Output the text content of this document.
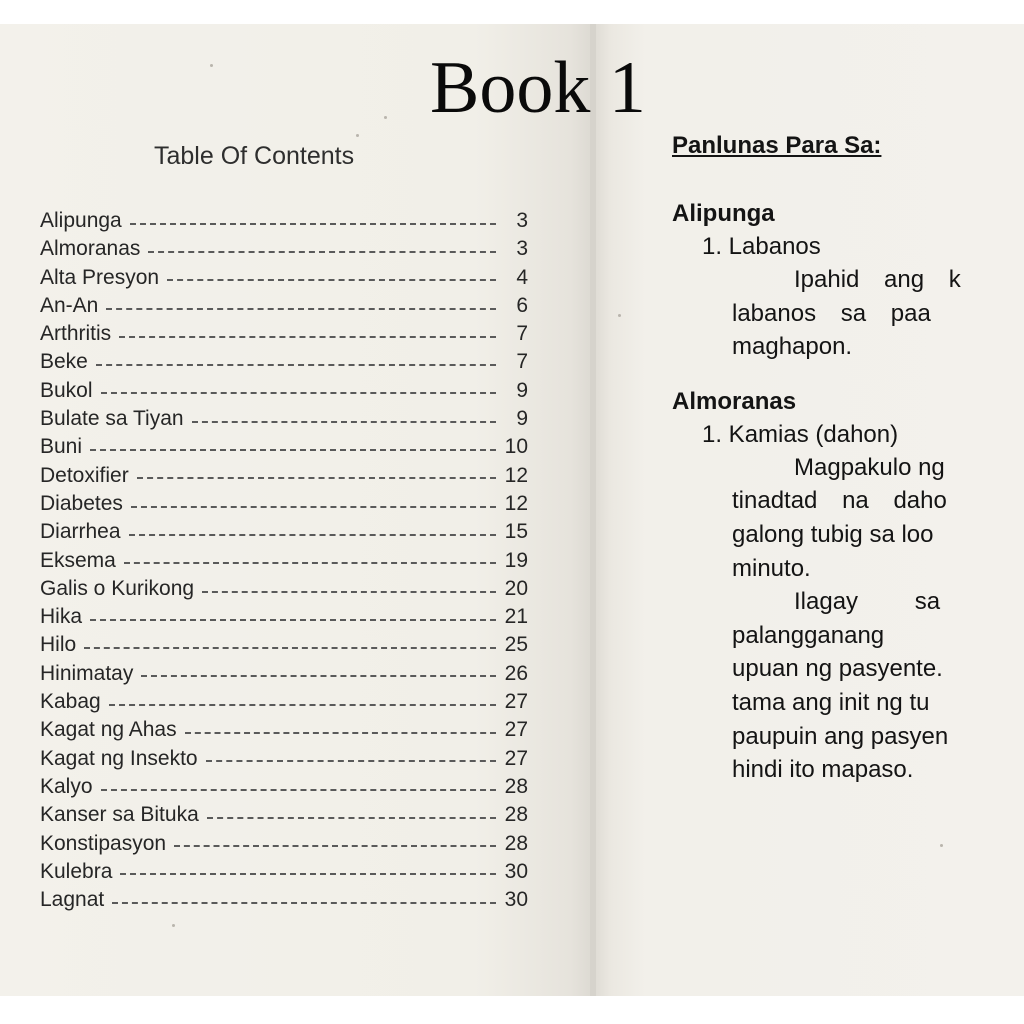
Book 1
Table Of Contents
Alipunga	3
Almoranas	3
Alta Presyon	4
An-An	6
Arthritis	7
Beke	7
Bukol	9
Bulate sa Tiyan	9
Buni	10
Detoxifier	12
Diabetes	12
Diarrhea	15
Eksema	19
Galis o Kurikong	20
Hika	21
Hilo	25
Hinimatay	26
Kabag	27
Kagat ng Ahas	27
Kagat ng Insekto	27
Kalyo	28
Kanser sa Bituka	28
Konstipasyon	28
Kulebra	30
Lagnat	30
Panlunas Para Sa:
Alipunga
1. Labanos
Ipahid ang k
labanos sa paa
maghapon.
Almoranas
1. Kamias (dahon)
Magpakulo ng
tinadtad na daho
galong tubig sa loo
minuto.
Ilagay sa
palangganang
upuan ng pasyente.
tama ang init ng tu
paupuin ang pasyen
hindi ito mapaso.
